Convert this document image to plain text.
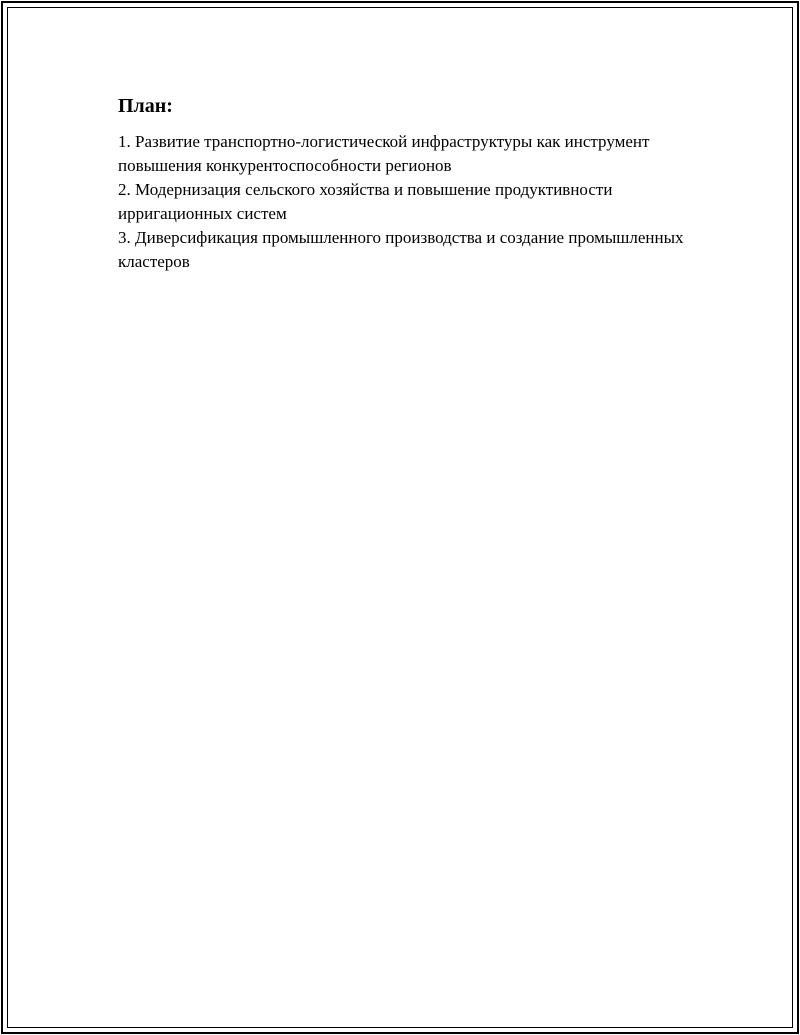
План:

1. Развитие транспортно-логистической инфраструктуры как инструмент повышения конкурентоспособности регионов

2. Модернизация сельского хозяйства и повышение продуктивности ирригационных систем

3. Диверсификация промышленного производства и создание промышленных кластеров
